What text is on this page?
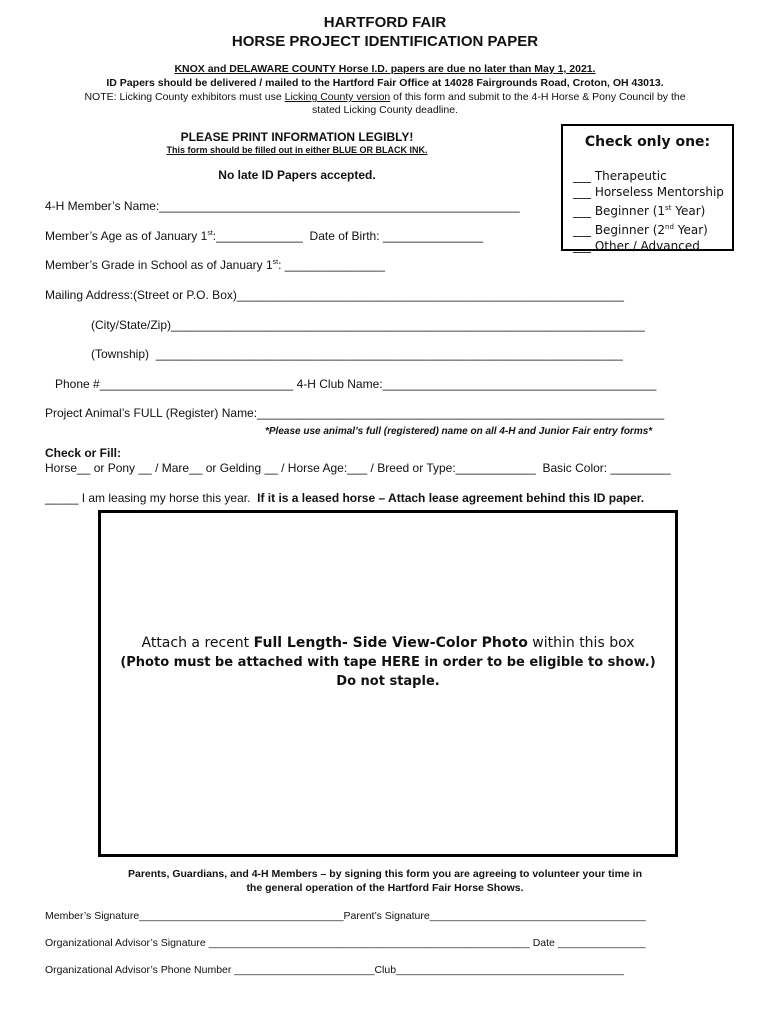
HARTFORD FAIR
HORSE PROJECT IDENTIFICATION PAPER
KNOX and DELAWARE COUNTY Horse I.D. papers are due no later than May 1, 2021.
ID Papers should be delivered / mailed to the Hartford Fair Office at 14028 Fairgrounds Road, Croton, OH 43013.
NOTE: Licking County exhibitors must use Licking County version of this form and submit to the 4-H Horse & Pony Council by the
stated Licking County deadline.
PLEASE PRINT INFORMATION LEGIBLY!
This form should be filled out in either BLUE OR BLACK INK.
No late ID Papers accepted.
Check only one:
___ Therapeutic
___ Horseless Mentorship
___ Beginner (1st Year)
___ Beginner (2nd Year)
___ Other / Advanced
4-H Member’s Name:______________________________________________________
Member’s Age as of January 1st:_____________  Date of Birth: _______________
Member’s Grade in School as of January 1st: _______________
Mailing Address:(Street or P.O. Box)__________________________________________________________
(City/State/Zip)_______________________________________________________________________
(Township)  ______________________________________________________________________
Phone #_____________________________ 4-H Club Name:_________________________________________
Project Animal’s FULL (Register) Name:_____________________________________________________________
*Please use animal’s full (registered) name on all 4-H and Junior Fair entry forms*
Check or Fill:
Horse__ or Pony __ / Mare__ or Gelding __ / Horse Age:___ / Breed or Type:____________  Basic Color: _________
_____ I am leasing my horse this year.  If it is a leased horse – Attach lease agreement behind this ID paper.
Attach a recent Full Length- Side View-Color Photo within this box
(Photo must be attached with tape HERE in order to be eligible to show.)
Do not staple.
Parents, Guardians, and 4-H Members – by signing this form you are agreeing to volunteer your time in
the general operation of the Hartford Fair Horse Shows.
Member’s Signature___________________________________Parent’s Signature_____________________________________
Organizational Advisor’s Signature _______________________________________________________ Date _______________
Organizational Advisor’s Phone Number ________________________Club_______________________________________
